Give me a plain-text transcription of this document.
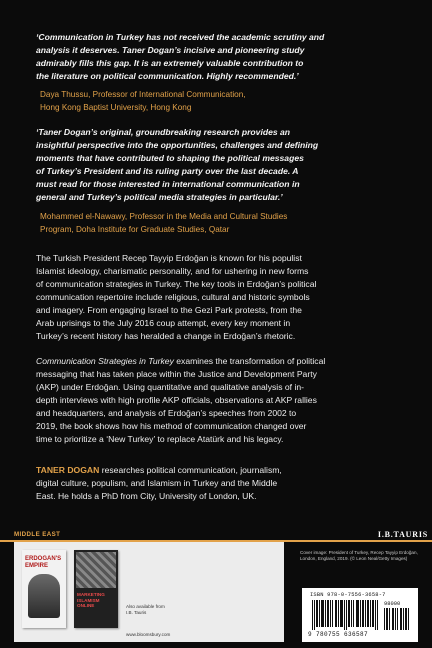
‘Communication in Turkey has not received the academic scrutiny and
analysis it deserves. Taner Dogan’s incisive and pioneering study
admirably fills this gap. It is an extremely valuable contribution to
the literature on political communication. Highly recommended.’
Daya Thussu, Professor of International Communication,
Hong Kong Baptist University, Hong Kong
‘Taner Dogan’s original, groundbreaking research provides an
insightful perspective into the opportunities, challenges and defining
moments that have contributed to shaping the political messages
of Turkey’s President and its ruling party over the last decade. A
must read for those interested in international communication in
general and Turkey’s political media strategies in particular.’
Mohammed el-Nawawy, Professor in the Media and Cultural Studies
Program, Doha Institute for Graduate Studies, Qatar
The Turkish President Recep Tayyip Erdoğan is known for his populist
Islamist ideology, charismatic personality, and for ushering in new forms
of communication strategies in Turkey. The key tools in Erdoğan’s political
communication repertoire include religious, cultural and historic symbols
and imagery. From engaging Israel to the Gezi Park protests, from the
Arab uprisings to the July 2016 coup attempt, every key moment in
Turkey’s recent history has heralded a change in Erdoğan’s rhetoric.
Communication Strategies in Turkey examines the transformation of political
messaging that has taken place within the Justice and Development Party
(AKP) under Erdoğan. Using quantitative and qualitative analysis of in-
depth interviews with high profile AKP officials, observations at AKP rallies
and headquarters, and analysis of Erdoğan’s speeches from 2002 to
2019, the book shows how his method of communication changed over
time to prioritize a ‘New Turkey’ to replace Atatürk and his legacy.
TANER DOGAN researches political communication, journalism,
digital culture, populism, and Islamism in Turkey and the Middle
East. He holds a PhD from City, University of London, UK.
MIDDLE EAST	I.B.TAURIS
ERDOGAN'S EMPIRE
MARKETING ISLAMISM ONLINE	Also available from
I.B. Tauris
www.bloomsbury.com
Cover image: President of Turkey, Recep Tayyip Erdoğan,
London, England, 2019. (© Leon Neal/Getty Images)
ISBN 978-0-7556-3658-7
98000
9 780755 636587
